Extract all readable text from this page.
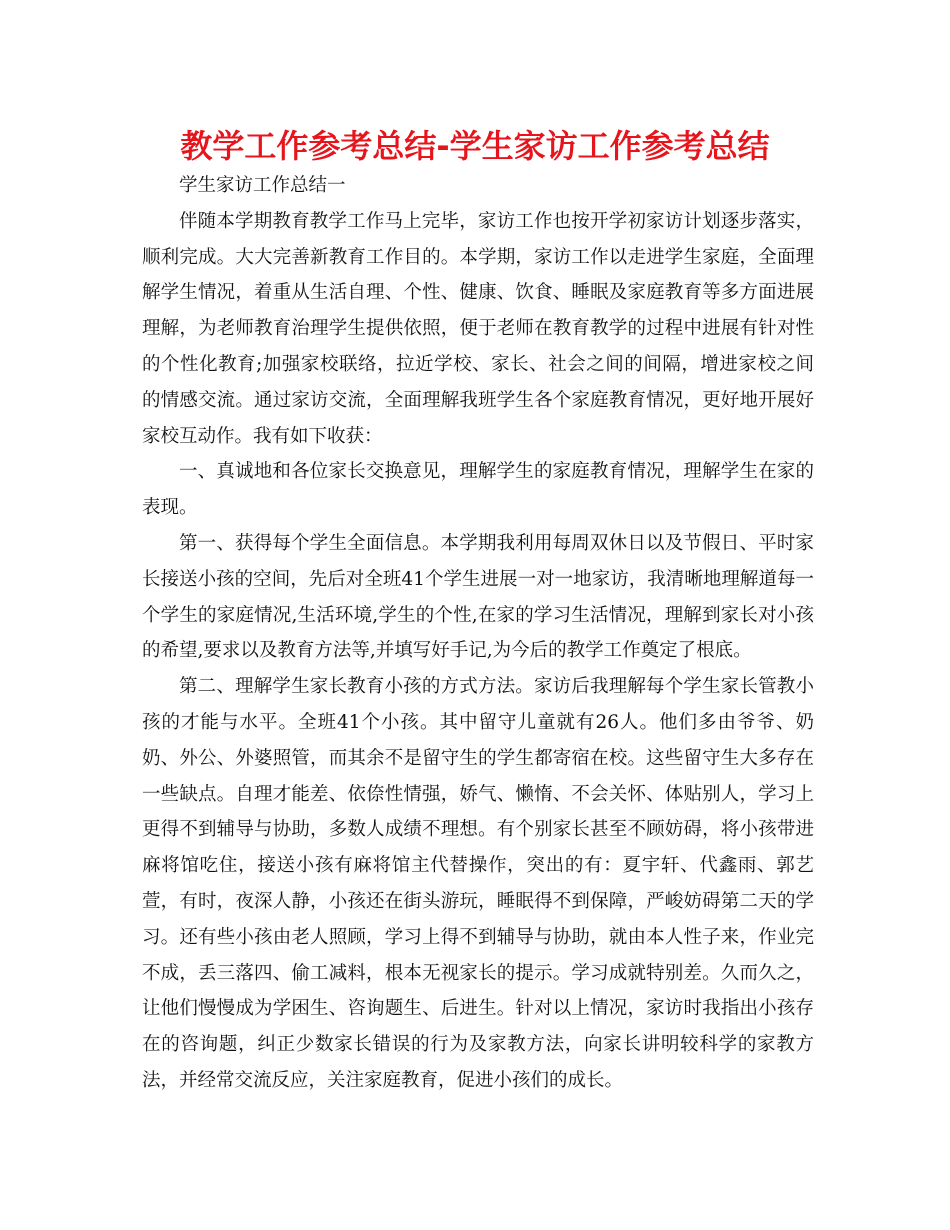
教学工作参考总结-学生家访工作参考总结

学生家访工作总结一

伴随本学期教育教学工作马上完毕，家访工作也按开学初家访计划逐步落实，顺利完成。大大完善新教育工作目的。本学期，家访工作以走进学生家庭，全面理解学生情况，着重从生活自理、个性、健康、饮食、睡眠及家庭教育等多方面进展理解，为老师教育治理学生提供依照，便于老师在教育教学的过程中进展有针对性的个性化教育;加强家校联络，拉近学校、家长、社会之间的间隔，增进家校之间的情感交流。通过家访交流，全面理解我班学生各个家庭教育情况，更好地开展好家校互动作。我有如下收获：

一、真诚地和各位家长交换意见，理解学生的家庭教育情况，理解学生在家的表现。

第一、获得每个学生全面信息。本学期我利用每周双休日以及节假日、平时家长接送小孩的空间，先后对全班41个学生进展一对一地家访，我清晰地理解道每一个学生的家庭情况,生活环境,学生的个性,在家的学习生活情况，理解到家长对小孩的希望,要求以及教育方法等,并填写好手记,为今后的教学工作奠定了根底。

第二、理解学生家长教育小孩的方式方法。家访后我理解每个学生家长管教小孩的才能与水平。全班41个小孩。其中留守儿童就有26人。他们多由爷爷、奶奶、外公、外婆照管，而其余不是留守生的学生都寄宿在校。这些留守生大多存在一些缺点。自理才能差、依倷性情强，娇气、懒惰、不会关怀、体贴别人，学习上更得不到辅导与协助，多数人成绩不理想。有个别家长甚至不顾妨碍，将小孩带进麻将馆吃住，接送小孩有麻将馆主代替操作，突出的有：夏宇轩、代鑫雨、郭艺萱，有时，夜深人静，小孩还在街头游玩，睡眠得不到保障，严峻妨碍第二天的学习。还有些小孩由老人照顾，学习上得不到辅导与协助，就由本人性子来，作业完不成，丢三落四、偷工减料，根本无视家长的提示。学习成就特别差。久而久之，让他们慢慢成为学困生、咨询题生、后进生。针对以上情况，家访时我指出小孩存在的咨询题，纠正少数家长错误的行为及家教方法，向家长讲明较科学的家教方法，并经常交流反应，关注家庭教育，促进小孩们的成长。
